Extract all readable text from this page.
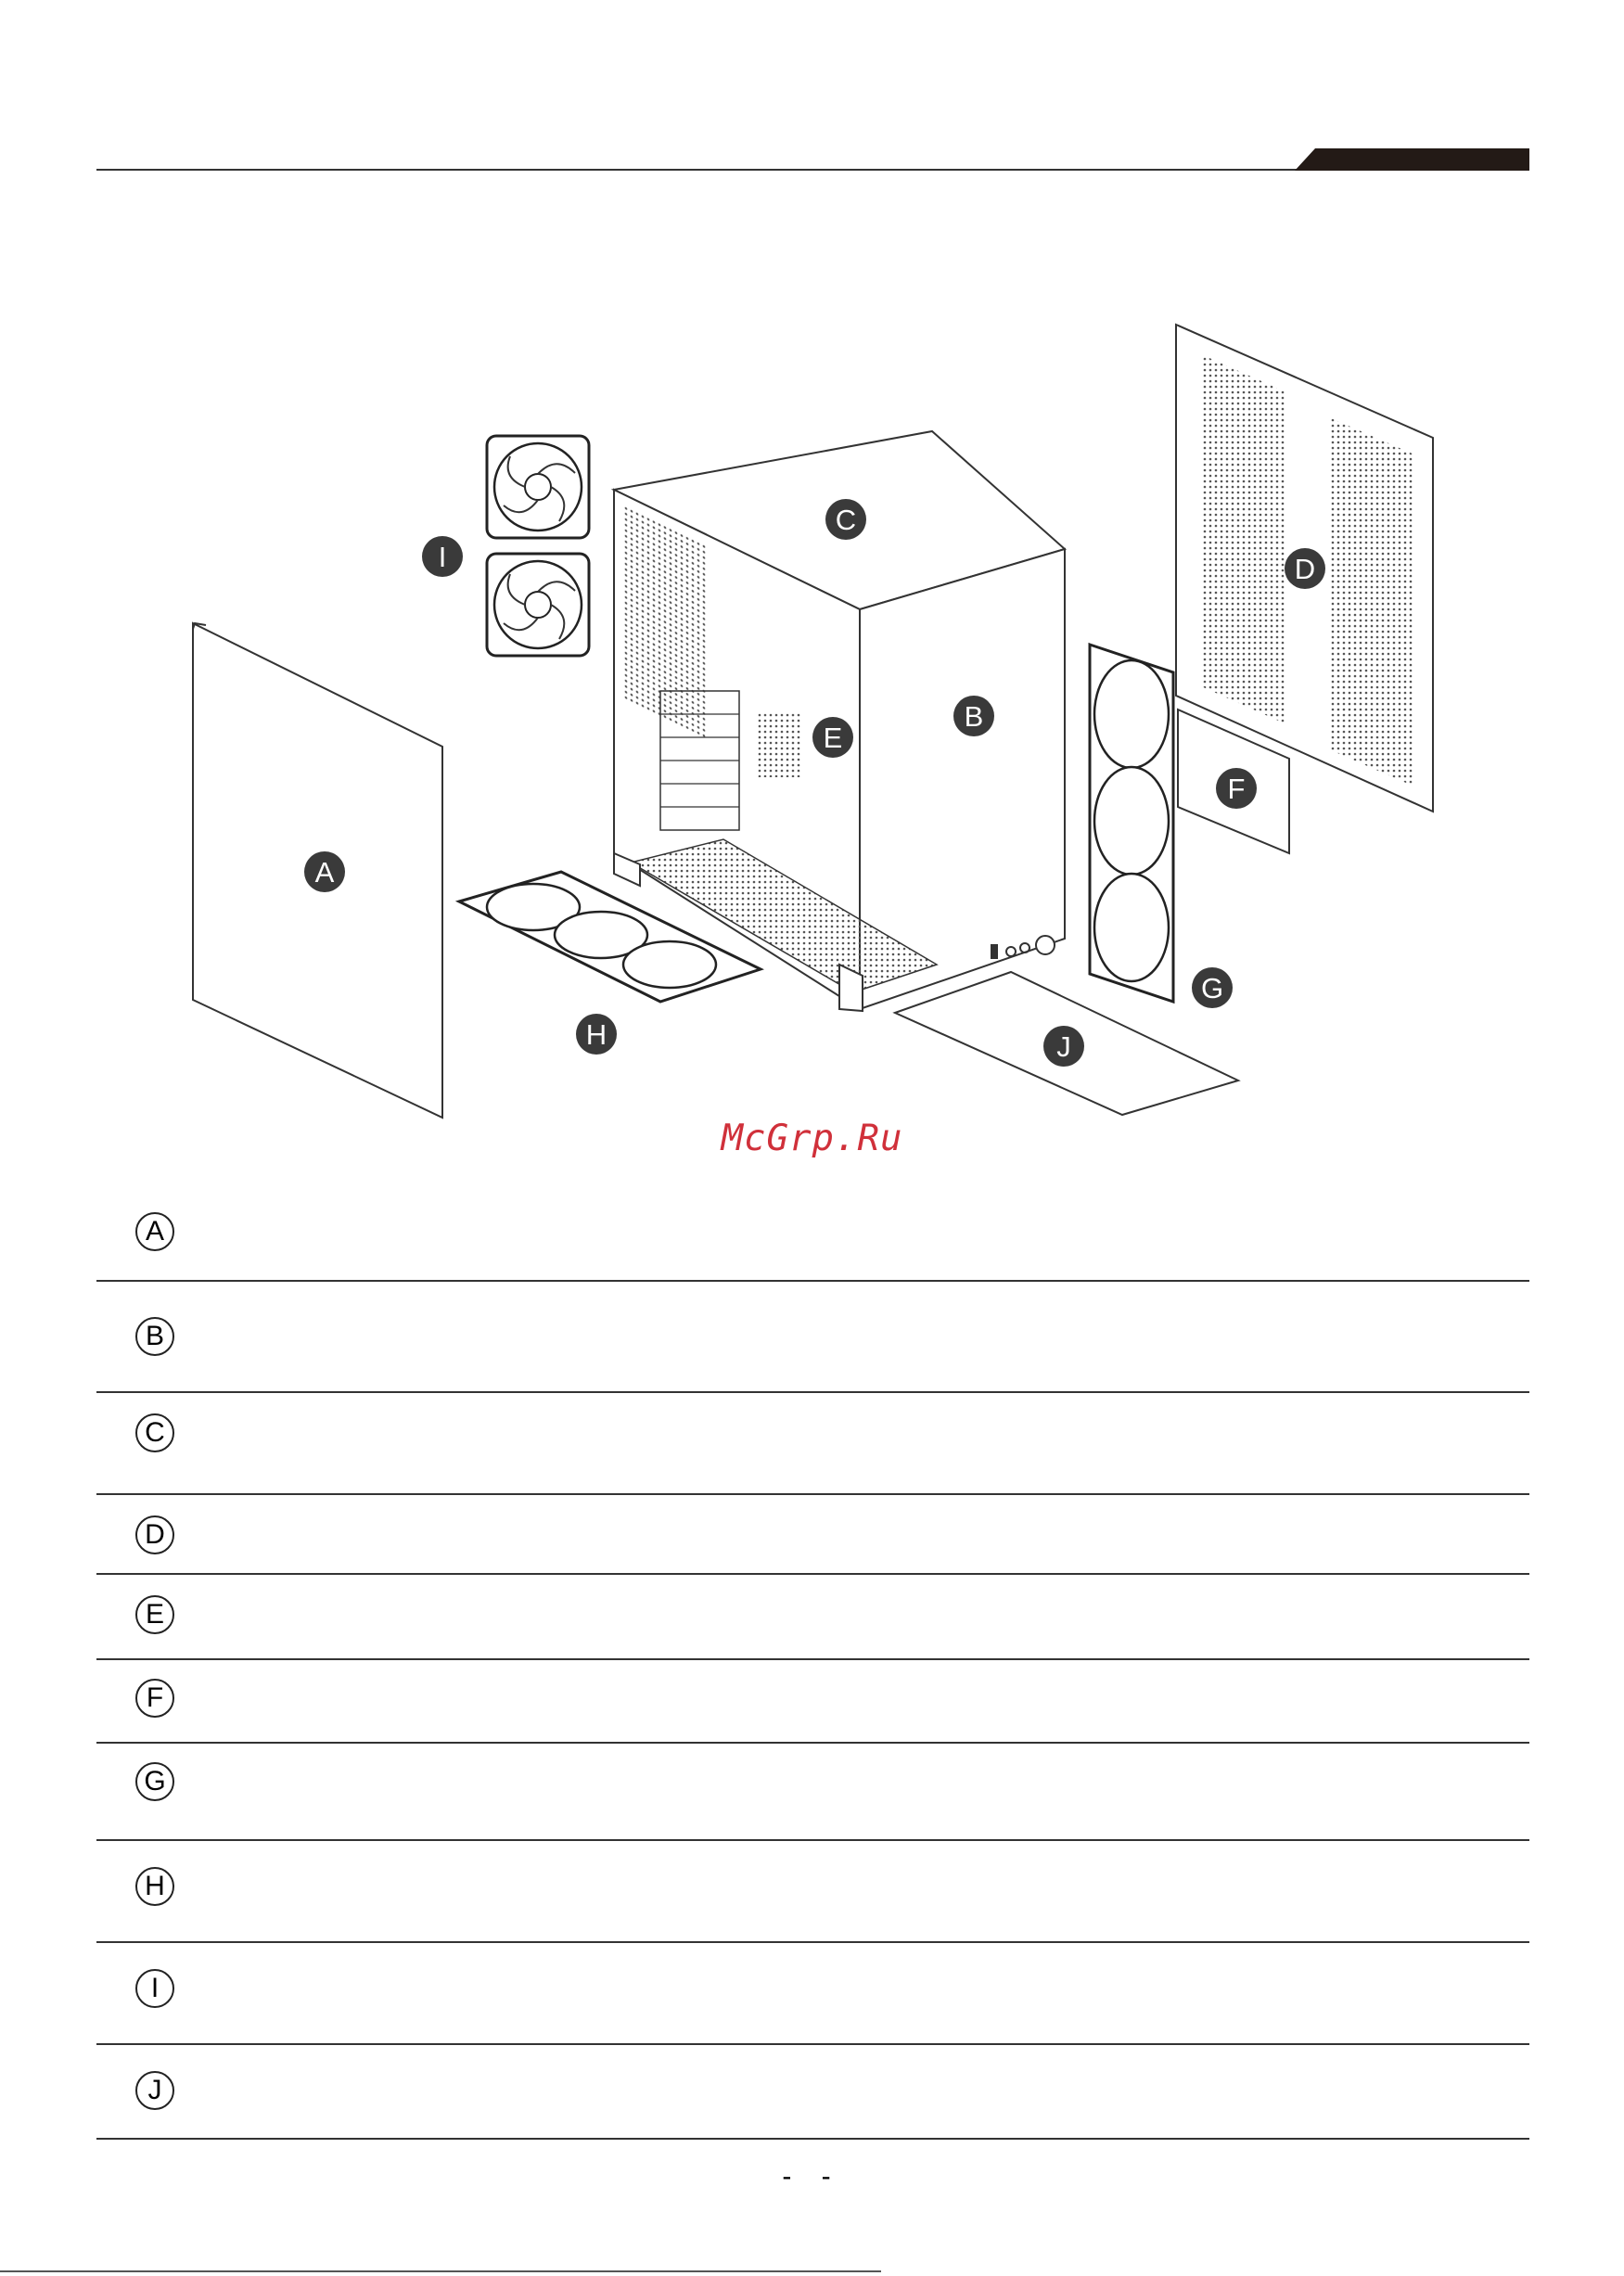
A
B
C
D
E
F
G
H
I
J
McGrp.Ru
A
B
C
D
E
F
G
H
I
J
- -
